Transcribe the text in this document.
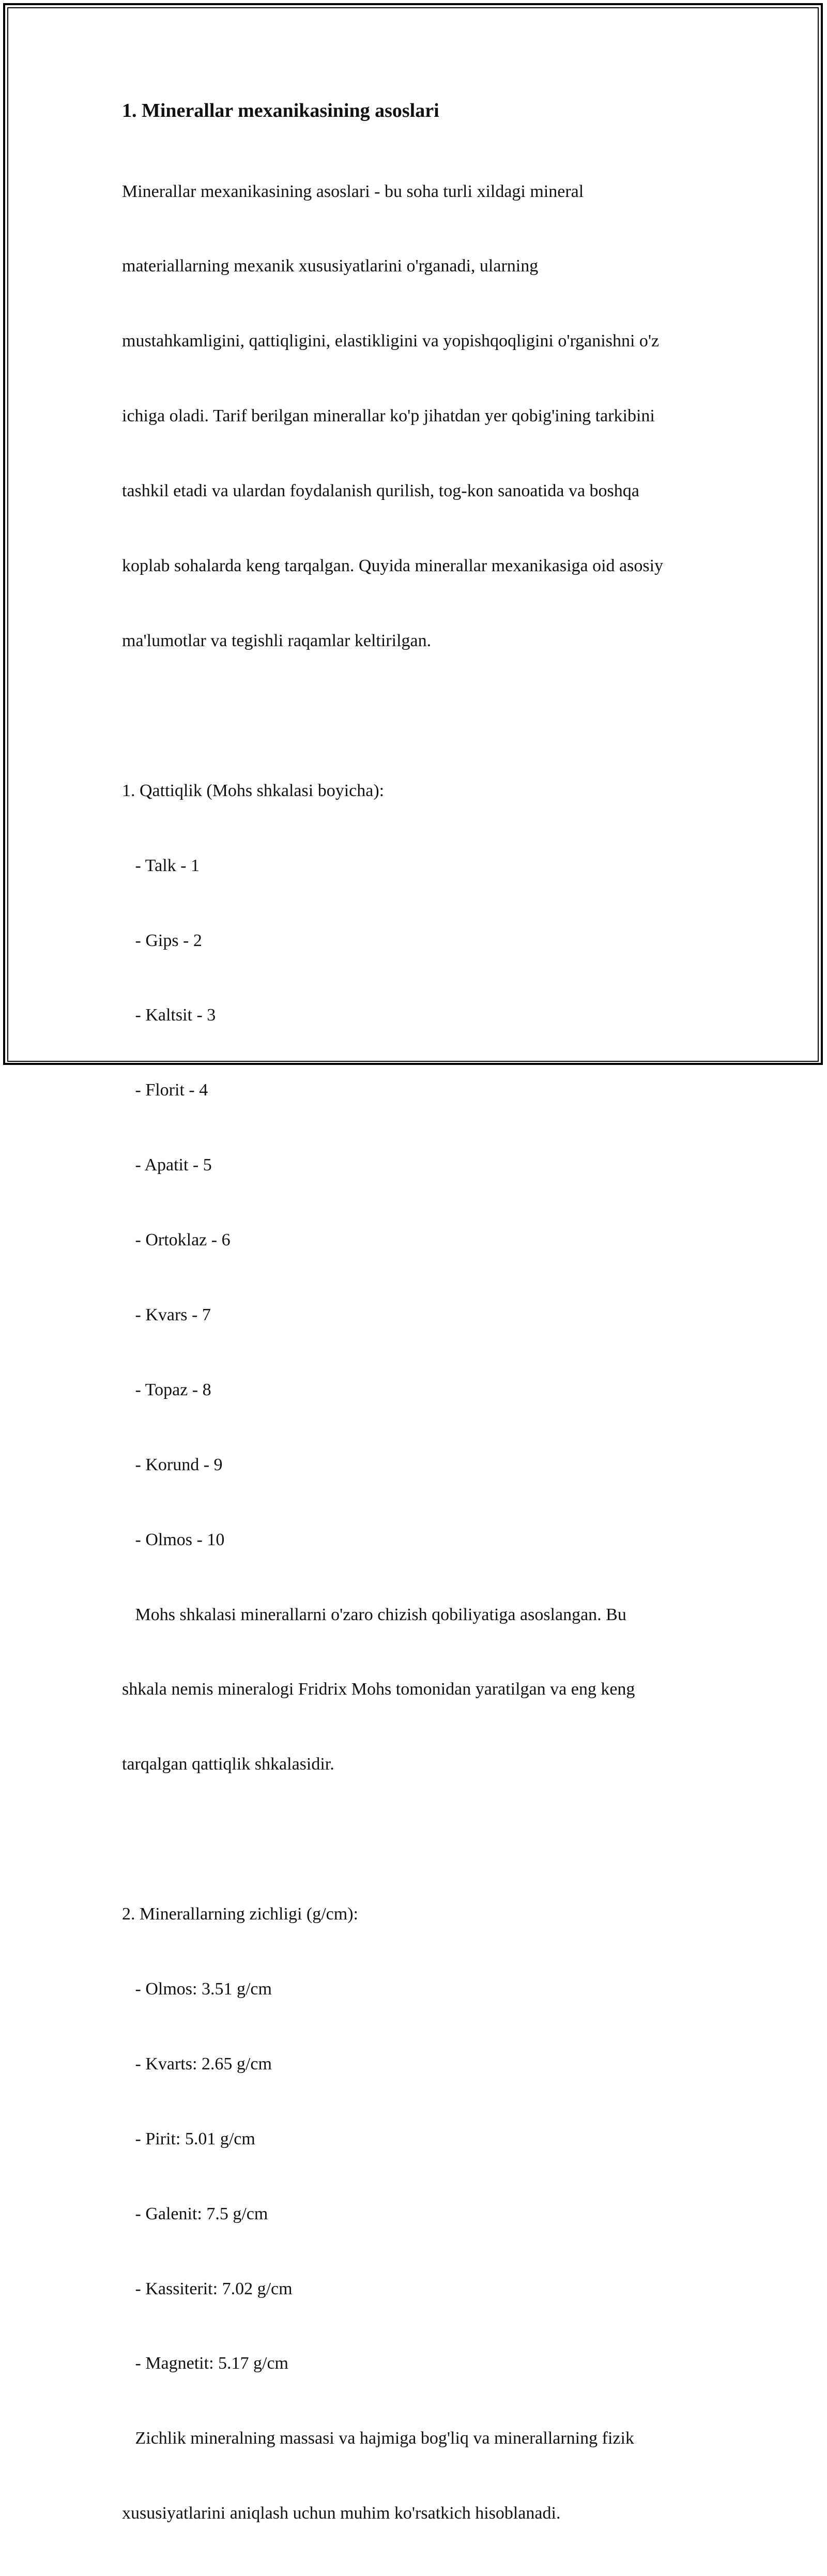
1. Minerallar mexanikasining asoslari

Minerallar mexanikasining asoslari - bu soha turli xildagi mineral

materiallarning mexanik xususiyatlarini o'rganadi, ularning

mustahkamligini, qattiqligini, elastikligini va yopishqoqligini o'rganishni o'z

ichiga oladi. Tarif berilgan minerallar ko'p jihatdan yer qobig'ining tarkibini

tashkil etadi va ulardan foydalanish qurilish, tog-kon sanoatida va boshqa

koplab sohalarda keng tarqalgan. Quyida minerallar mexanikasiga oid asosiy

ma'lumotlar va tegishli raqamlar keltirilgan.

1. Qattiqlik (Mohs shkalasi boyicha):

- Talk - 1

- Gips - 2

- Kaltsit - 3

- Florit - 4

- Apatit - 5

- Ortoklaz - 6

- Kvars - 7

- Topaz - 8

- Korund - 9

- Olmos - 10

Mohs shkalasi minerallarni o'zaro chizish qobiliyatiga asoslangan. Bu

shkala nemis mineralogi Fridrix Mohs tomonidan yaratilgan va eng keng

tarqalgan qattiqlik shkalasidir.

2. Minerallarning zichligi (g/cm):

- Olmos: 3.51 g/cm

- Kvarts: 2.65 g/cm

- Pirit: 5.01 g/cm

- Galenit: 7.5 g/cm

- Kassiterit: 7.02 g/cm

- Magnetit: 5.17 g/cm

Zichlik mineralning massasi va hajmiga bog'liq va minerallarning fizik

xususiyatlarini aniqlash uchun muhim ko'rsatkich hisoblanadi.
